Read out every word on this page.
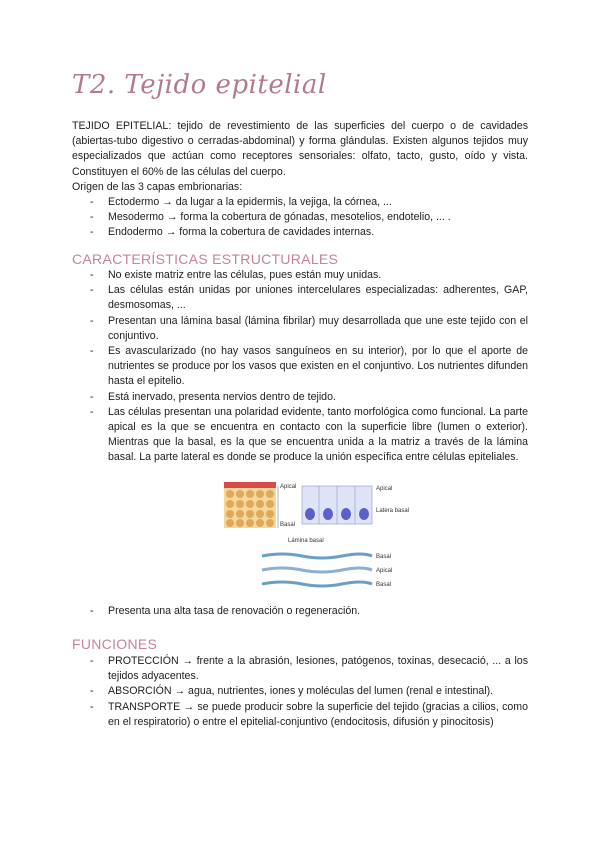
T2. Tejido epitelial
TEJIDO EPITELIAL: tejido de revestimiento de las superficies del cuerpo o de cavidades (abiertas-tubo digestivo o cerradas-abdominal) y forma glándulas. Existen algunos tejidos muy especializados que actúan como receptores sensoriales: olfato, tacto, gusto, oído y vista. Constituyen el 60% de las células del cuerpo.
Origen de las 3 capas embrionarias:
- Ectodermo → da lugar a la epidermis, la vejiga, la córnea, ...
- Mesodermo → forma la cobertura de gónadas, mesotelios, endotelio, ... .
- Endodermo → forma la cobertura de cavidades internas.
CARACTERÍSTICAS ESTRUCTURALES
- No existe matriz entre las células, pues están muy unidas.
- Las células están unidas por uniones intercelulares especializadas: adherentes, GAP, desmosomas, ...
- Presentan una lámina basal (lámina fibrilar) muy desarrollada que une este tejido con el conjuntivo.
- Es avascularizado (no hay vasos sanguíneos en su interior), por lo que el aporte de nutrientes se produce por los vasos que existen en el conjuntivo. Los nutrientes difunden hasta el epitelio.
- Está inervado, presenta nervios dentro de tejido.
- Las células presentan una polaridad evidente, tanto morfológica como funcional. La parte apical es la que se encuentra en contacto con la superficie libre (lumen o exterior). Mientras que la basal, es la que se encuentra unida a la matriz a través de la lámina basal. La parte lateral es donde se produce la unión específica entre células epiteliales.
Apical
Basal
Apical
Latera basal
Lámina basal
Basal
Apical
Basal
- Presenta una alta tasa de renovación o regeneración.
FUNCIONES
- PROTECCIÓN → frente a la abrasión, lesiones, patógenos, toxinas, desecació, ... a los tejidos adyacentes.
- ABSORCIÓN → agua, nutrientes, iones y moléculas del lumen (renal e intestinal).
- TRANSPORTE → se puede producir sobre la superficie del tejido (gracias a cilios, como en el respiratorio) o entre el epitelial-conjuntivo (endocitosis, difusión y pinocitosis)
